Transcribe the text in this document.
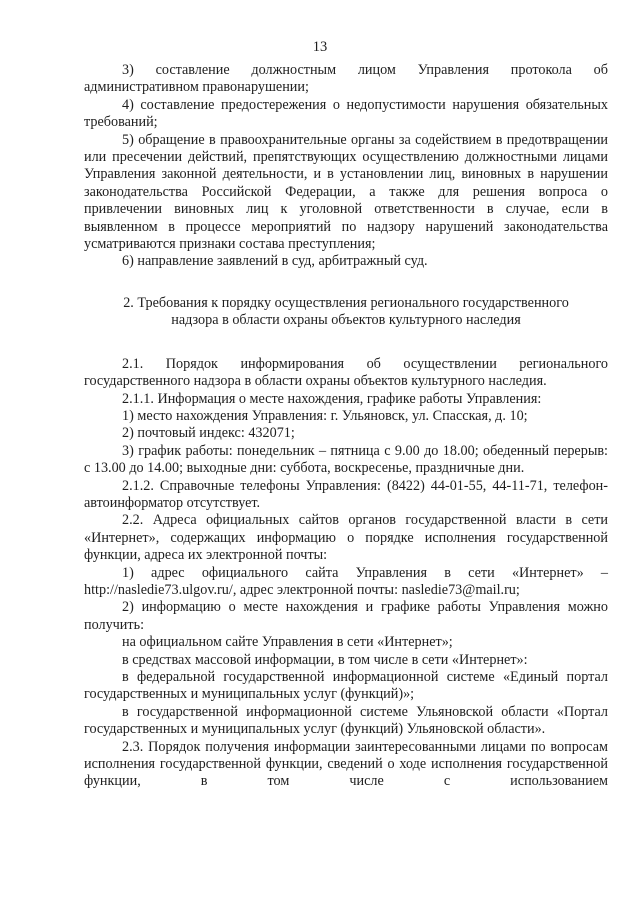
13

3) составление должностным лицом Управления протокола об административном правонарушении;

4) составление предостережения о недопустимости нарушения обязательных требований;

5) обращение в правоохранительные органы за содействием в предотвращении или пресечении действий, препятствующих осуществлению должностными лицами Управления законной деятельности, и в установлении лиц, виновных в нарушении законодательства Российской Федерации, а также для решения вопроса о привлечении виновных лиц к уголовной ответственности в случае, если в выявленном в процессе мероприятий по надзору нарушений законодательства усматриваются признаки состава преступления;

6) направление заявлений в суд, арбитражный суд.

2. Требования к порядку осуществления регионального государственного
надзора в области охраны объектов культурного наследия

2.1. Порядок информирования об осуществлении регионального государственного надзора в области охраны объектов культурного наследия.

2.1.1. Информация о месте нахождения, графике работы Управления:

1) место нахождения Управления: г. Ульяновск, ул. Спасская, д. 10;

2) почтовый индекс: 432071;

3) график работы: понедельник – пятница с 9.00 до 18.00; обеденный перерыв: с 13.00 до 14.00; выходные дни: суббота, воскресенье, праздничные дни.

2.1.2. Справочные телефоны Управления: (8422) 44-01-55, 44-11-71, телефон-автоинформатор отсутствует.

2.2. Адреса официальных сайтов органов государственной власти в сети «Интернет», содержащих информацию о порядке исполнения государственной функции, адреса их электронной почты:

1) адрес официального сайта Управления в сети «Интернет» – http://nasledie73.ulgov.ru/, адрес электронной почты: nasledie73@mail.ru;

2) информацию о месте нахождения и графике работы Управления можно получить:

на официальном сайте Управления в сети «Интернет»;

в средствах массовой информации, в том числе в сети «Интернет»:

в федеральной государственной информационной системе «Единый портал государственных и муниципальных услуг (функций)»;

в государственной информационной системе Ульяновской области «Портал государственных и муниципальных услуг (функций) Ульяновской области».

2.3. Порядок получения информации заинтересованными лицами по вопросам исполнения государственной функции, сведений о ходе исполнения государственной функции, в том числе с использованием
